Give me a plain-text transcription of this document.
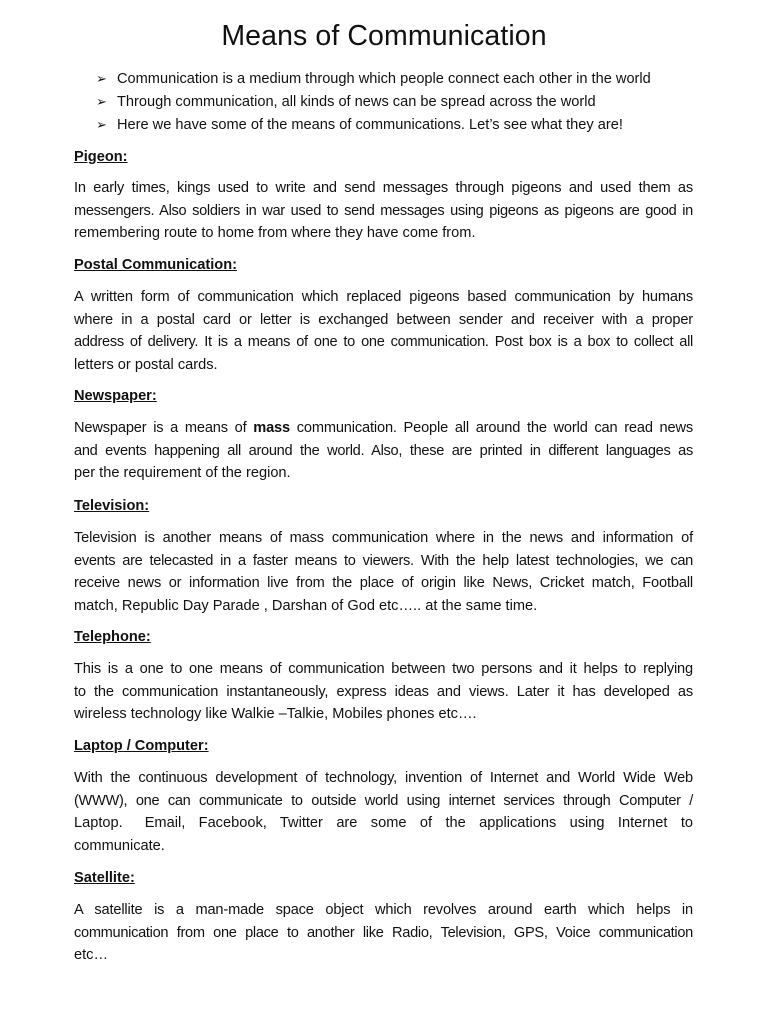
Means of Communication
➢ Communication is a medium through which people connect each other in the world
➢ Through communication, all kinds of news can be spread across the world
➢ Here we have some of the means of communications. Let’s see what they are!
Pigeon:
In early times, kings used to write and send messages through pigeons and used them as
messengers. Also soldiers in war used to send messages using pigeons as pigeons are good in
remembering route to home from where they have come from.
Postal Communication:
A written form of communication which replaced pigeons based communication by humans
where in a postal card or letter is exchanged between sender and receiver with a proper
address of delivery. It is a means of one to one communication. Post box is a box to collect all
letters or postal cards.
Newspaper:
Newspaper is a means of mass communication. People all around the world can read news
and events happening all around the world. Also, these are printed in different languages as
per the requirement of the region.
Television:
Television is another means of mass communication where in the news and information of
events are telecasted in a faster means to viewers. With the help latest technologies, we can
receive news or information live from the place of origin like News, Cricket match, Football
match, Republic Day Parade , Darshan of God etc….. at the same time.
Telephone:
This is a one to one means of communication between two persons and it helps to replying
to the communication instantaneously, express ideas and views. Later it has developed as
wireless technology like Walkie –Talkie, Mobiles phones etc….
Laptop / Computer:
With the continuous development of technology, invention of Internet and World Wide Web
(WWW), one can communicate to outside world using internet services through Computer /
Laptop. Email, Facebook, Twitter are some of the applications using Internet to
communicate.
Satellite:
A satellite is a man-made space object which revolves around earth which helps in
communication from one place to another like Radio, Television, GPS, Voice communication
etc…
